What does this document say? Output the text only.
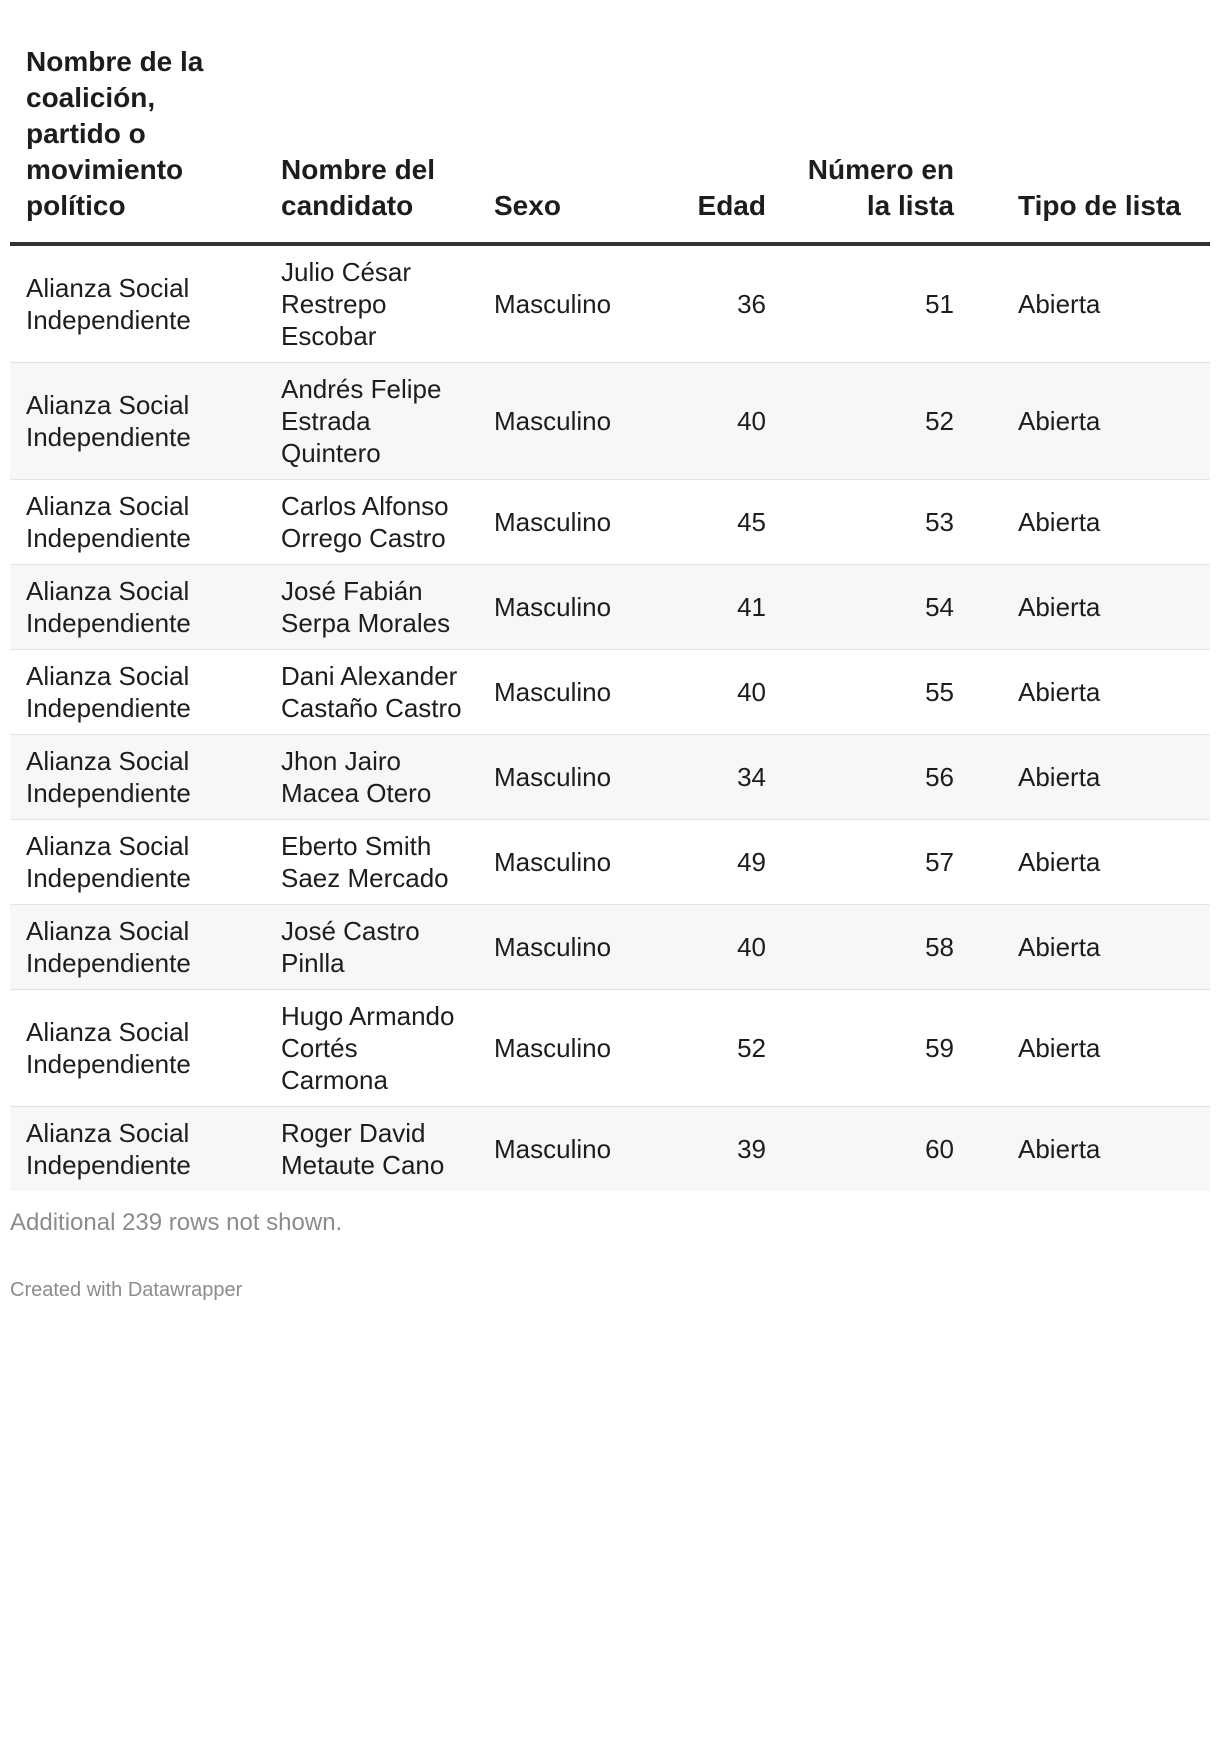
Nombre de la coalición, partido o movimiento político	Nombre del candidato	Sexo	Edad	Número en la lista	Tipo de lista
Alianza Social Independiente	Julio César Restrepo Escobar	Masculino	36	51	Abierta
Alianza Social Independiente	Andrés Felipe Estrada Quintero	Masculino	40	52	Abierta
Alianza Social Independiente	Carlos Alfonso Orrego Castro	Masculino	45	53	Abierta
Alianza Social Independiente	José Fabián Serpa Morales	Masculino	41	54	Abierta
Alianza Social Independiente	Dani Alexander Castaño Castro	Masculino	40	55	Abierta
Alianza Social Independiente	Jhon Jairo Macea Otero	Masculino	34	56	Abierta
Alianza Social Independiente	Eberto Smith Saez Mercado	Masculino	49	57	Abierta
Alianza Social Independiente	José Castro Pinlla	Masculino	40	58	Abierta
Alianza Social Independiente	Hugo Armando Cortés Carmona	Masculino	52	59	Abierta
Alianza Social Independiente	Roger David Metaute Cano	Masculino	39	60	Abierta
Additional 239 rows not shown.
Created with Datawrapper
